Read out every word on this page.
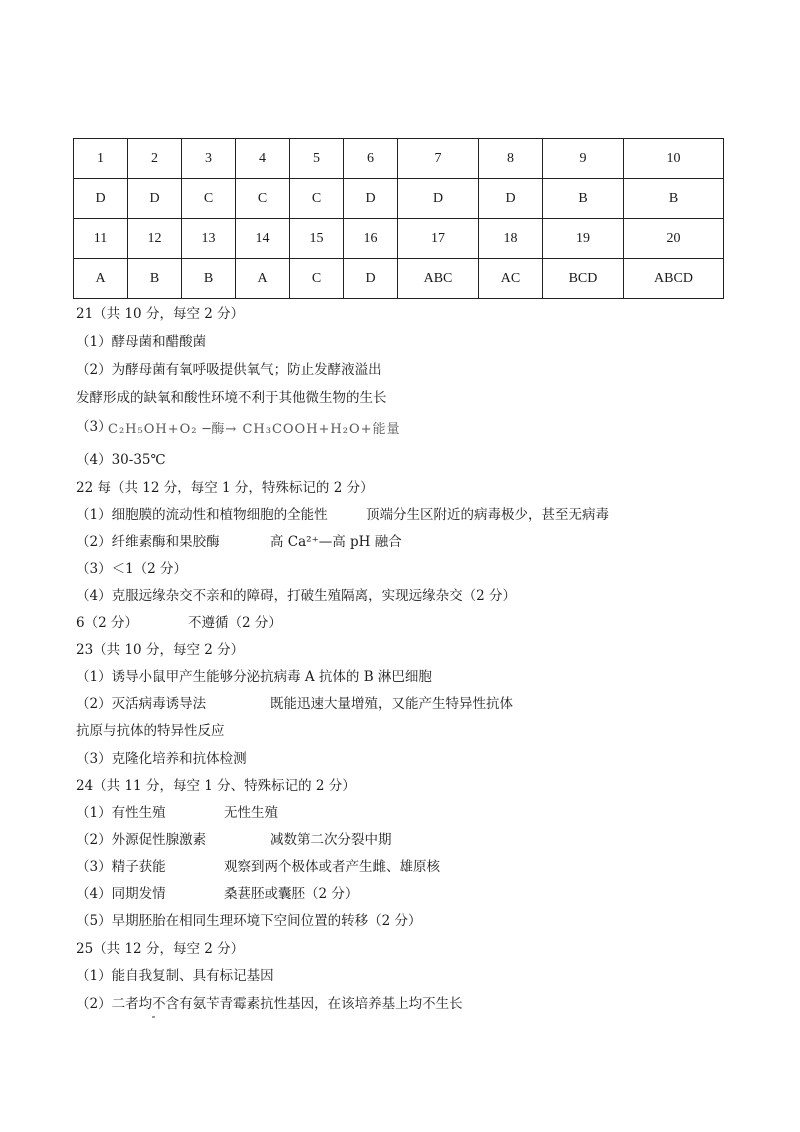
1	2	3	4	5	6	7	8	9	10
D	D	C	C	C	D	D	D	B	B
11	12	13	14	15	16	17	18	19	20
A	B	B	A	C	D	ABC	AC	BCD	ABCD
21（共 10 分，每空 2 分）
（1）酵母菌和醋酸菌
（2）为酵母菌有氧呼吸提供氧气；防止发酵液溢出
发酵形成的缺氧和酸性环境不利于其他微生物的生长
（3）
C₂H₅OH+O₂ ─酶→ CH₃COOH+H₂O+能量
（4）30-35℃
22 每（共 12 分，每空 1 分，特殊标记的 2 分）
（1）细胞膜的流动性和植物细胞的全能性	顶端分生区附近的病毒极少，甚至无病毒
（2）纤维素酶和果胶酶	高 Ca²⁺—高 pH 融合
（3）＜1（2 分）
（4）克服远缘杂交不亲和的障碍，打破生殖隔离，实现远缘杂交（2 分）
6（2 分）	不遵循（2 分）
23（共 10 分，每空 2 分）
（1）诱导小鼠甲产生能够分泌抗病毒 A 抗体的 B 淋巴细胞
（2）灭活病毒诱导法	既能迅速大量增殖，又能产生特异性抗体
抗原与抗体的特异性反应
（3）克隆化培养和抗体检测
24（共 11 分，每空 1 分、特殊标记的 2 分）
（1）有性生殖	无性生殖
（2）外源促性腺激素	减数第二次分裂中期
（3）精子获能	观察到两个极体或者产生雌、雄原核
（4）同期发情	桑葚胚或囊胚（2 分）
（5）早期胚胎在相同生理环境下空间位置的转移（2 分）
25（共 12 分，每空 2 分）
（1）能自我复制、具有标记基因
（2）二者均不含有氨苄青霉素抗性基因，在该培养基上均不生长
